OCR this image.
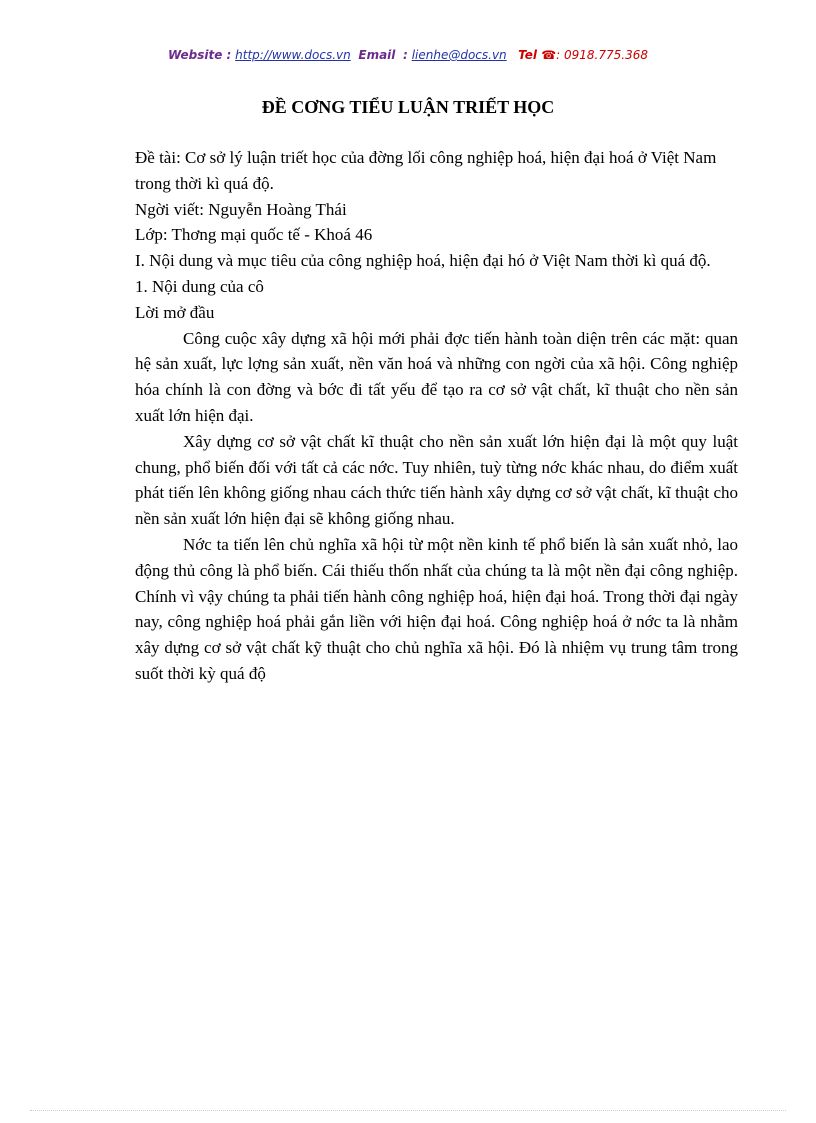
Website : http://www.docs.vn Email : lienhe@docs.vn Tel ☎: 0918.775.368
ĐỀ CƠNG TIỂU LUẬN TRIẾT HỌC

Đề tài: Cơ sở lý luận triết học của đờng lối công nghiệp hoá, hiện đại hoá ở Việt Nam trong thời kì quá độ.

Ngời viết: Nguyễn Hoàng Thái

Lớp: Thơng mại quốc tế - Khoá 46

I. Nội dung và mục tiêu của công nghiệp hoá, hiện đại hó ở Việt Nam thời kì quá độ.

1. Nội dung của cô

Lời mở đầu

Công cuộc xây dựng xã hội mới phải đợc tiến hành toàn diện trên các mặt: quan hệ sản xuất, lực lợng sản xuất, nền văn hoá và những con ngời của xã hội. Công nghiệp hóa chính là con đờng và bớc đi tất yếu để tạo ra cơ sở vật chất, kĩ thuật cho nền sản xuất lớn hiện đại.

Xây dựng cơ sở vật chất kĩ thuật cho nền sản xuất lớn hiện đại là một quy luật chung, phổ biến đối với tất cả các nớc. Tuy nhiên, tuỳ từng nớc khác nhau, do điểm xuất phát tiến lên không giống nhau cách thức tiến hành xây dựng cơ sở vật chất, kĩ thuật cho nền sản xuất lớn hiện đại sẽ không giống nhau.

Nớc ta tiến lên chủ nghĩa xã hội từ một nền kinh tế phổ biến là sản xuất nhỏ, lao động thủ công là phổ biến. Cái thiếu thốn nhất của chúng ta là một nền đại công nghiệp. Chính vì vậy chúng ta phải tiến hành công nghiệp hoá, hiện đại hoá. Trong thời đại ngày nay, công nghiệp hoá phải gắn liền với hiện đại hoá. Công nghiệp hoá ở nớc ta là nhằm xây dựng cơ sở vật chất kỹ thuật cho chủ nghĩa xã hội. Đó là nhiệm vụ trung tâm trong suốt thời kỳ quá độ
